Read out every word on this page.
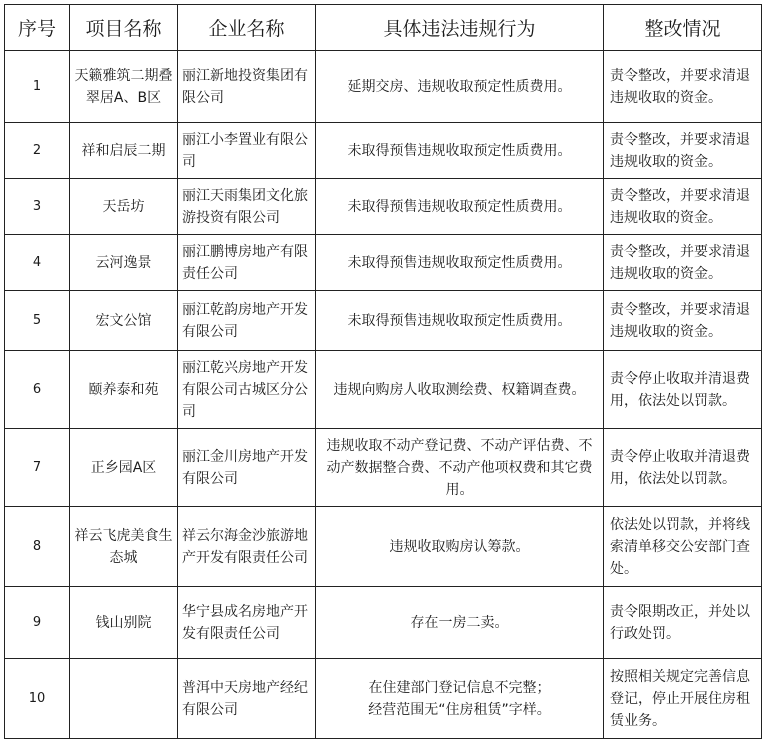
序号	项目名称	企业名称	具体违法违规行为	整改情况
1	天籁雅筑二期叠翠居A、B区	丽江新地投资集团有限公司	延期交房、违规收取预定性质费用。	责令整改，并要求清退违规收取的资金。
2	祥和启辰二期	丽江小李置业有限公司	未取得预售违规收取预定性质费用。	责令整改，并要求清退违规收取的资金。
3	天岳坊	丽江天雨集团文化旅游投资有限公司	未取得预售违规收取预定性质费用。	责令整改，并要求清退违规收取的资金。
4	云河逸景	丽江鹏博房地产有限责任公司	未取得预售违规收取预定性质费用。	责令整改，并要求清退违规收取的资金。
5	宏文公馆	丽江乾韵房地产开发有限公司	未取得预售违规收取预定性质费用。	责令整改，并要求清退违规收取的资金。
6	颐养泰和苑	丽江乾兴房地产开发有限公司古城区分公司	违规向购房人收取测绘费、权籍调查费。	责令停止收取并清退费用，依法处以罚款。
7	正乡园A区	丽江金川房地产开发有限公司	违规收取不动产登记费、不动产评估费、不动产数据整合费、不动产他项权费和其它费用。	责令停止收取并清退费用，依法处以罚款。
8	祥云飞虎美食生态城	祥云尔海金沙旅游地产开发有限责任公司	违规收取购房认筹款。	依法处以罚款，并将线索清单移交公安部门查处。
9	钱山别院	华宁县成名房地产开发有限责任公司	存在一房二卖。	责令限期改正，并处以行政处罚。
10		普洱中天房地产经纪有限公司	在住建部门登记信息不完整；
经营范围无“住房租赁”字样。	按照相关规定完善信息登记，停止开展住房租赁业务。
